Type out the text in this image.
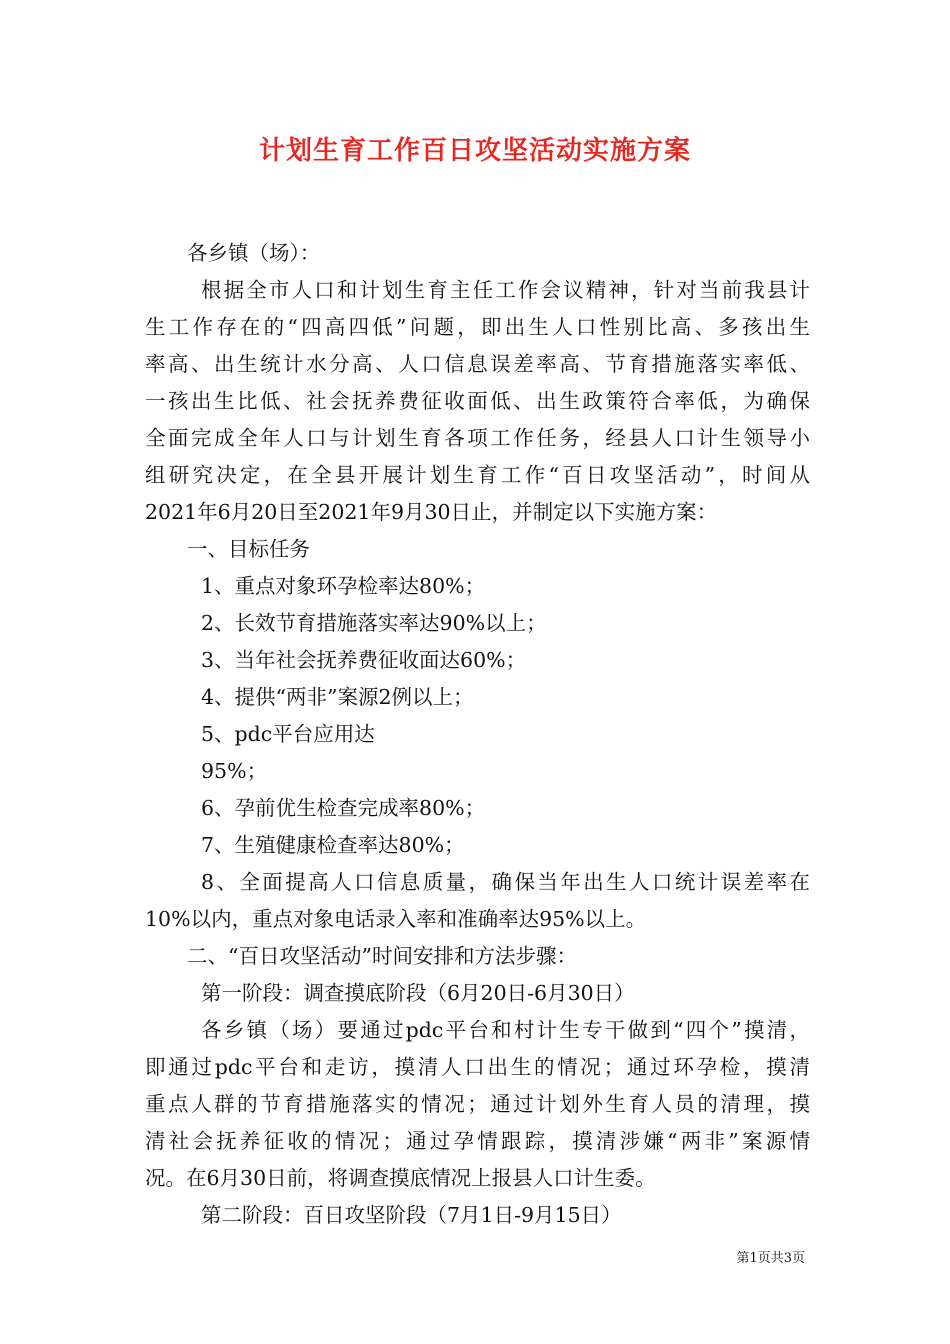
计划生育工作百日攻坚活动实施方案
各乡镇（场）：
根据全市人口和计划生育主任工作会议精神，针对当前我县计
生工作存在的“四高四低”问题，即出生人口性别比高、多孩出生
率高、出生统计水分高、人口信息误差率高、节育措施落实率低、
一孩出生比低、社会抚养费征收面低、出生政策符合率低，为确保
全面完成全年人口与计划生育各项工作任务，经县人口计生领导小
组研究决定，在全县开展计划生育工作“百日攻坚活动”，时间从
2021年6月20日至2021年9月30日止，并制定以下实施方案：
一、目标任务
1、重点对象环孕检率达80%；
2、长效节育措施落实率达90%以上；
3、当年社会抚养费征收面达60%；
4、提供“两非”案源2例以上；
5、pdc平台应用达
95%；
6、孕前优生检查完成率80%；
7、生殖健康检查率达80%；
8、全面提高人口信息质量，确保当年出生人口统计误差率在
10%以内，重点对象电话录入率和准确率达95%以上。
二、“百日攻坚活动”时间安排和方法步骤：
第一阶段：调查摸底阶段（6月20日-6月30日）
各乡镇（场）要通过pdc平台和村计生专干做到“四个”摸清，
即通过pdc平台和走访，摸清人口出生的情况；通过环孕检，摸清
重点人群的节育措施落实的情况；通过计划外生育人员的清理，摸
清社会抚养征收的情况；通过孕情跟踪，摸清涉嫌“两非”案源情
况。在6月30日前，将调查摸底情况上报县人口计生委。
第二阶段：百日攻坚阶段（7月1日-9月15日）
第1页共3页
